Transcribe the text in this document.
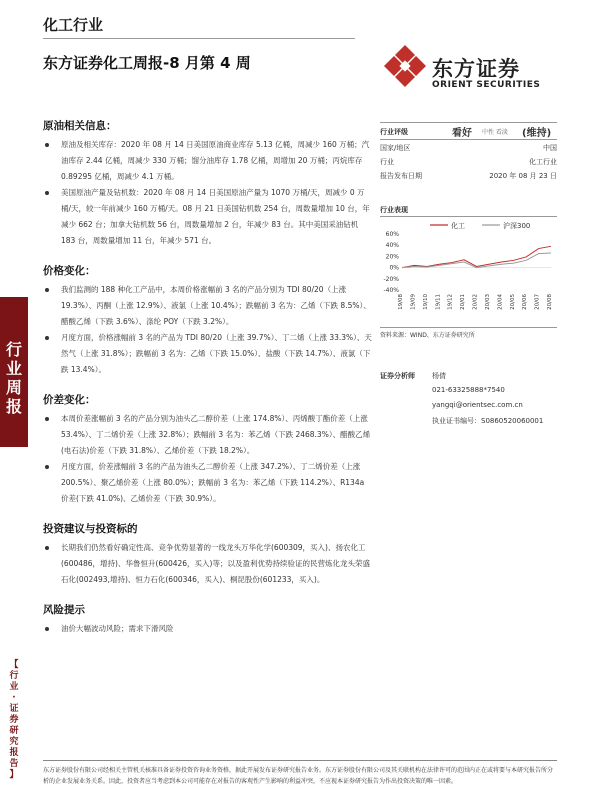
化工行业
东方证券化工周报-8 月第 4 周	东方证券
ORIENT SECURITIES
行
业
周
报
【
行
业
·
证
券
研
究
报
告
】
原油相关信息：
原油及相关库存：2020 年 08 月 14 日美国原油商业库存 5.13 亿桶，周减少 160 万桶；汽油库存 2.44 亿桶，周减少 330 万桶；馏分油库存 1.78 亿桶，周增加 20 万桶；丙烷库存 0.89295 亿桶，周减少 4.1 万桶。
美国原油产量及钻机数：2020 年 08 月 14 日美国原油产量为 1070 万桶/天，周减少 0 万桶/天，较一年前减少 160 万桶/天。08 月 21 日美国钻机数 254 台，周数量增加 10 台，年减少 662 台；加拿大钻机数 56 台，周数量增加 2 台，年减少 83 台。其中美国采油钻机 183 台，周数量增加 11 台，年减少 571 台。
价格变化：
我们监测的 188 种化工产品中，本周价格涨幅前 3 名的产品分别为 TDI 80/20（上涨 19.3%）、丙酮（上涨 12.9%）、液氯（上涨 10.4%）；跌幅前 3 名为：乙烯（下跌 8.5%）、醋酸乙烯（下跌 3.6%）、涤纶 POY（下跌 3.2%）。
月度方面，价格涨幅前 3 名的产品为 TDI 80/20（上涨 39.7%）、丁二烯（上涨 33.3%）、天然气（上涨 31.8%）；跌幅前 3 名为：乙烯（下跌 15.0%）、盐酸（下跌 14.7%）、液氯（下跌 13.4%）。
价差变化：
本周价差涨幅前 3 名的产品分别为油头乙二醇价差（上涨 174.8%）、丙烯酸丁酯价差（上涨 53.4%）、丁二烯价差（上涨 32.8%）；跌幅前 3 名为：苯乙烯（下跌 2468.3%）、醋酸乙烯(电石法)价差（下跌 31.8%）、乙烯价差（下跌 18.2%）。
月度方面，价差涨幅前 3 名的产品为油头乙二醇价差（上涨 347.2%）、丁二烯价差（上涨 200.5%）、聚乙烯价差（上涨 80.0%）；跌幅前 3 名为：苯乙烯（下跌 114.2%）、R134a 价差(下跌 41.0%)、乙烯价差（下跌 30.9%）。
投资建议与投资标的
长期我们仍然看好确定性高、竞争优势显著的一线龙头万华化学(600309，买入)、扬农化工(600486，增持)、华鲁恒升(600426，买入)等；以及盈利优势持续验证的民营炼化龙头荣盛石化(002493,增持)、恒力石化(600346，买入)、桐昆股份(601233，买入)。
风险提示
油价大幅波动风险；需求下滑风险
行业评级	看好 中性 看淡 (维持)
国家/地区	中国
行业	化工行业
报告发布日期	2020 年 08 月 23 日
行业表现
化工	沪深300
60%
40%
20%
0%
-20%
-40%
19/08 19/09 19/10 19/11 19/12 20/01 20/02 20/03 20/04 20/05 20/06 20/07 20/08
资料来源：WIND、东方证券研究所
证券分析师 杨倩
021-63325888*7540
yangqi@orientsec.com.cn
执业证书编号：S0860520060001
东方证券股份有限公司经相关主管机关核准具备证券投资咨询业务资格，据此开展发布证券研究报告业务。东方证券股份有限公司及其关联机构在法律许可的范围内正在或将要与本研究报告所分析的企业发展业务关系。因此，投资者应当考虑到本公司可能存在对报告的客观性产生影响的利益冲突，不应视本证券研究报告为作出投资决策的唯一因素。
